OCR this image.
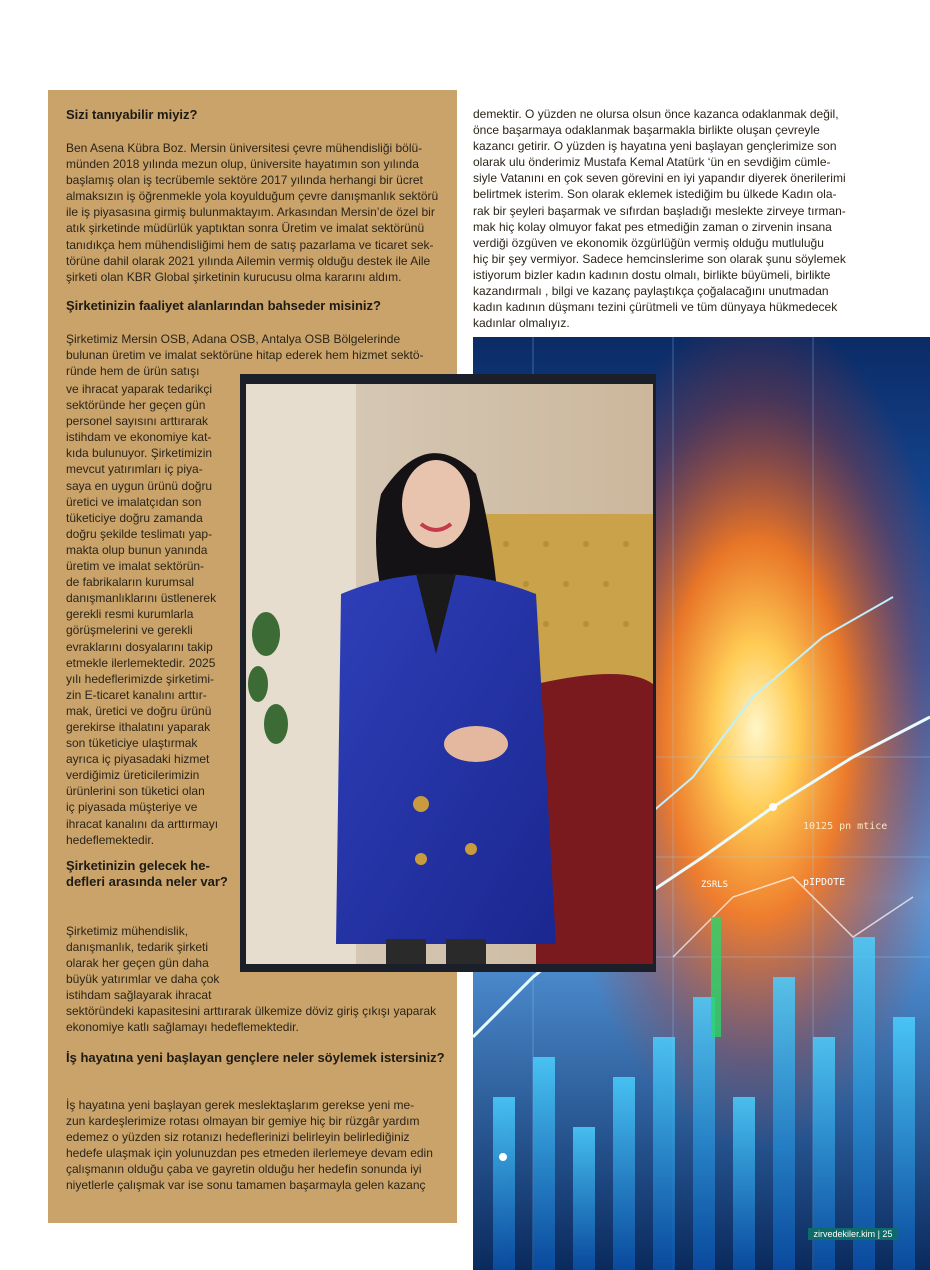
Sizi tanıyabilir miyiz?

Ben Asena Kübra Boz. Mersin üniversitesi çevre mühendisliği bölü-

münden 2018 yılında mezun olup, üniversite hayatımın son yılında

başlamış olan iş tecrübemle sektöre 2017 yılında herhangi bir ücret

almaksızın iş öğrenmekle yola koyulduğum çevre danışmanlık sektörü

ile iş piyasasına girmiş bulunmaktayım. Arkasından Mersin’de özel bir

atık şirketinde müdürlük yaptıktan sonra Üretim ve imalat sektörünü

tanıdıkça hem mühendisliğimi hem de satış pazarlama ve ticaret sek-

törüne dahil olarak 2021 yılında Ailemin vermiş olduğu destek ile Aile

şirketi olan KBR Global şirketinin kurucusu olma kararını aldım.

Şirketinizin faaliyet alanlarından bahseder misiniz?

Şirketimiz Mersin OSB, Adana OSB, Antalya OSB Bölgelerinde

bulunan üretim ve imalat sektörüne hitap ederek hem hizmet sektö-

ründe hem de ürün satışı

ve ihracat yaparak tedarikçi

sektöründe her geçen gün

personel sayısını arttırarak

istihdam ve ekonomiye kat-

kıda bulunuyor. Şirketimizin

mevcut yatırımları iç piya-

saya en uygun ürünü doğru

üretici ve imalatçıdan son

tüketiciye doğru zamanda

doğru şekilde teslimatı yap-

makta olup bunun yanında

üretim ve imalat sektörün-

de fabrikaların kurumsal

danışmanlıklarını üstlenerek

gerekli resmi kurumlarla

görüşmelerini ve gerekli

evraklarını dosyalarını takip

etmekle ilerlemektedir. 2025

yılı hedeflerimizde şirketimi-

zin E-ticaret kanalını arttır-

mak, üretici ve doğru ürünü

gerekirse ithalatını yaparak

son tüketiciye ulaştırmak

ayrıca iç piyasadaki hizmet

verdiğimiz üreticilerimizin

ürünlerini son tüketici olan

iç piyasada müşteriye ve

ihracat kanalını da arttırmayı

hedeflemektedir.

Şirketinizin gelecek he- defleri arasında neler var?

Şirketimiz mühendislik,

danışmanlık, tedarik şirketi

olarak her geçen gün daha

büyük yatırımlar ve daha çok

istihdam sağlayarak ihracat

sektöründeki kapasitesini arttırarak ülkemize döviz giriş çıkışı yaparak

ekonomiye katlı sağlamayı hedeflemektedir.

İş hayatına yeni başlayan gençlere neler söylemek istersiniz?

İş hayatına yeni başlayan gerek meslektaşlarım gerekse yeni me-

zun kardeşlerimize rotası olmayan bir gemiye hiç bir rüzgâr yardım

edemez o yüzden siz rotanızı hedeflerinizi belirleyin belirlediğiniz

hedefe ulaşmak için yolunuzdan pes etmeden ilerlemeye devam edin

çalışmanın olduğu çaba ve gayretin olduğu her hedefin sonunda iyi

niyetlerle çalışmak var ise sonu tamamen başarmayla gelen kazanç

demektir. O yüzden ne olursa olsun önce kazanca odaklanmak değil,

önce başarmaya odaklanmak başarmakla birlikte oluşan çevreyle

kazancı getirir. O yüzden iş hayatına yeni başlayan gençlerimize son

olarak ulu önderimiz Mustafa Kemal Atatürk ‘ün en sevdiğim cümle-

siyle Vatanını en çok seven görevini en iyi yapandır diyerek önerilerimi

belirtmek isterim. Son olarak eklemek istediğim bu ülkede Kadın ola-

rak bir şeyleri başarmak ve sıfırdan başladığı meslekte zirveye tırman-

mak hiç kolay olmuyor fakat pes etmediğin zaman o zirvenin insana

verdiği özgüven ve ekonomik özgürlüğün vermiş olduğu mutluluğu

hiç bir şey vermiyor. Sadece hemcinslerime son olarak şunu söylemek

istiyorum bizler kadın kadının dostu olmalı, birlikte büyümeli, birlikte

kazandırmalı , bilgi ve kazanç paylaştıkça çoğalacağını unutmadan

kadın kadının düşmanı tezini çürütmeli ve tüm dünyaya hükmedecek

kadınlar olmalıyız.

10125 pn mtice
ZSRLS	pIPDOTE
zirvedekiler.kim | 25
